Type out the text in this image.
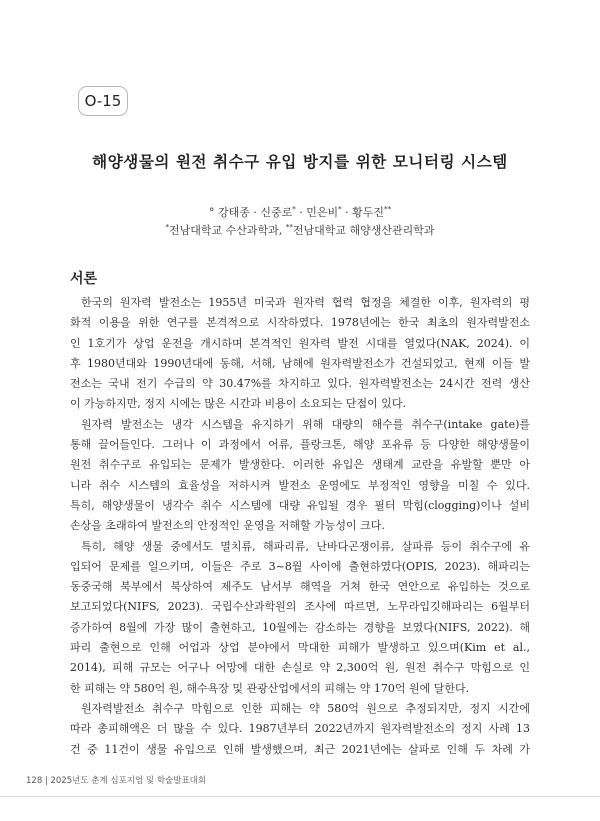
O-15
해양생물의 원전 취수구 유입 방지를 위한 모니터링 시스템
° 강태종 · 신중로* · 민은비* · 황두진**
*전남대학교 수산과학과, **전남대학교 해양생산관리학과
서론
한국의 원자력 발전소는 1955년 미국과 원자력 협력 협정을 체결한 이후, 원자력의 평
화적 이용을 위한 연구를 본격적으로 시작하였다. 1978년에는 한국 최초의 원자력발전소
인 1호기가 상업 운전을 개시하며 본격적인 원자력 발전 시대를 열었다(NAK, 2024). 이
후 1980년대와 1990년대에 동해, 서해, 남해에 원자력발전소가 건설되었고, 현재 이들 발
전소는 국내 전기 수급의 약 30.47%를 차지하고 있다. 원자력발전소는 24시간 전력 생산
이 가능하지만, 정지 시에는 많은 시간과 비용이 소요되는 단점이 있다.
원자력 발전소는 냉각 시스템을 유지하기 위해 대량의 해수를 취수구(intake gate)를
통해 끌어들인다. 그러나 이 과정에서 어류, 플랑크톤, 해양 포유류 등 다양한 해양생물이
원전 취수구로 유입되는 문제가 발생한다. 이러한 유입은 생태계 교란을 유발할 뿐만 아
니라 취수 시스템의 효율성을 저하시켜 발전소 운영에도 부정적인 영향을 미칠 수 있다.
특히, 해양생물이 냉각수 취수 시스템에 대량 유입될 경우 필터 막힘(clogging)이나 설비
손상을 초래하여 발전소의 안정적인 운영을 저해할 가능성이 크다.
특히, 해양 생물 중에서도 멸치류, 해파리류, 난바다곤쟁이류, 살파류 등이 취수구에 유
입되어 문제를 일으키며, 이들은 주로 3~8월 사이에 출현하였다(OPIS, 2023). 해파리는
동중국해 북부에서 북상하여 제주도 남서부 해역을 거쳐 한국 연안으로 유입하는 것으로
보고되었다(NIFS, 2023). 국립수산과학원의 조사에 따르면, 노무라입깃해파리는 6월부터
증가하여 8월에 가장 많이 출현하고, 10월에는 감소하는 경향을 보였다(NIFS, 2022). 해
파리 출현으로 인해 어업과 상업 분야에서 막대한 피해가 발생하고 있으며(Kim et al.,
2014), 피해 규모는 어구나 어망에 대한 손실로 약 2,300억 원, 원전 취수구 막힘으로 인
한 피해는 약 580억 원, 해수욕장 및 관광산업에서의 피해는 약 170억 원에 달한다.
원자력발전소 취수구 막힘으로 인한 피해는 약 580억 원으로 추정되지만, 정지 시간에
따라 총피해액은 더 많을 수 있다. 1987년부터 2022년까지 원자력발전소의 정지 사례 13
건 중 11건이 생물 유입으로 인해 발생했으며, 최근 2021년에는 살파로 인해 두 차례 가
128 | 2025년도 춘계 심포지엄 및 학술발표대회
